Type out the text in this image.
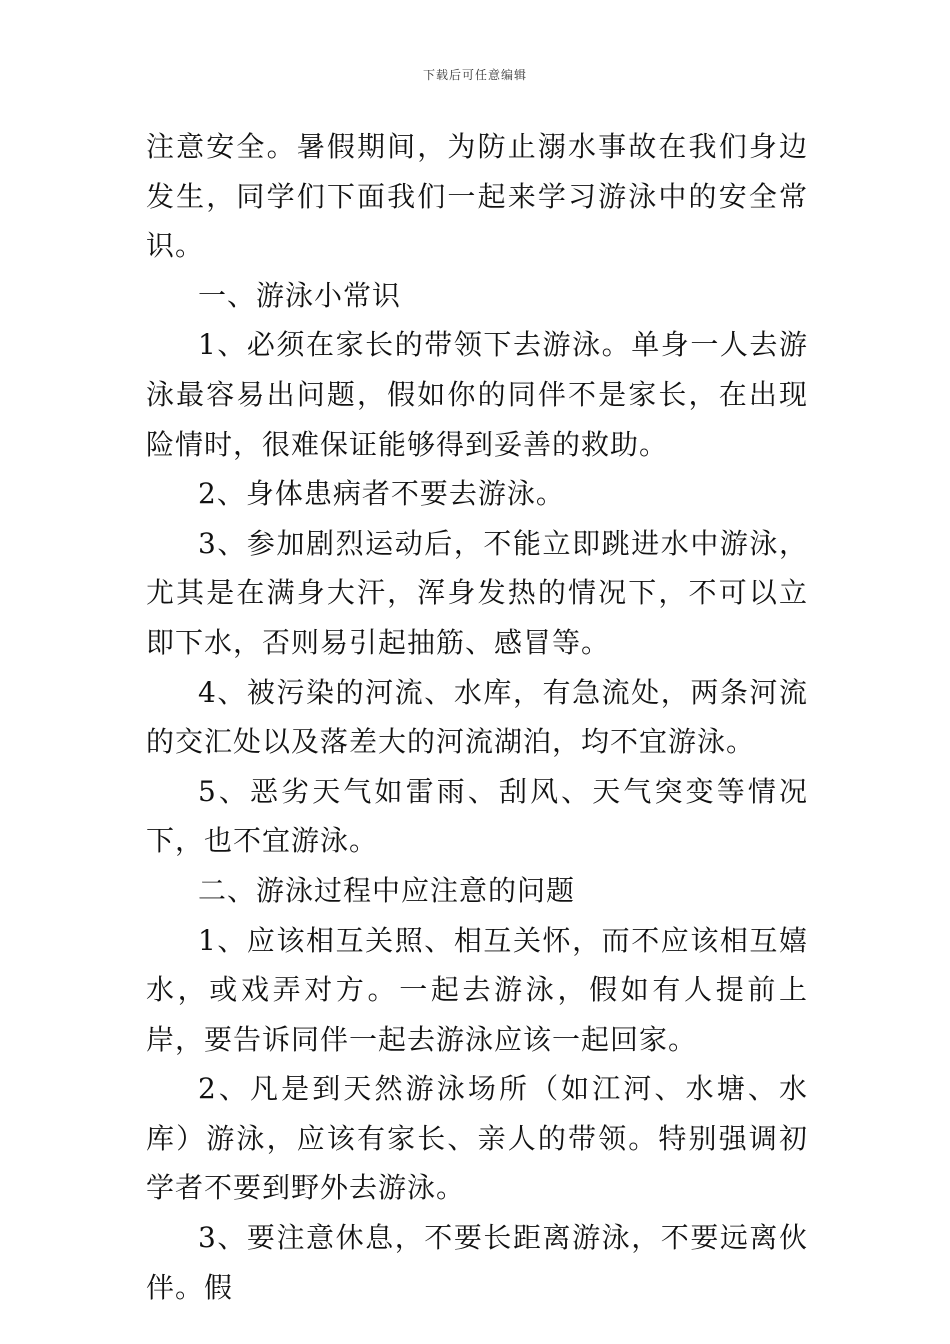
下载后可任意编辑

注意安全。暑假期间，为防止溺水事故在我们身边发生，同学们下面我们一起来学习游泳中的安全常识。

一、游泳小常识

1、必须在家长的带领下去游泳。单身一人去游泳最容易出问题，假如你的同伴不是家长，在出现险情时，很难保证能够得到妥善的救助。

2、身体患病者不要去游泳。

3、参加剧烈运动后，不能立即跳进水中游泳，尤其是在满身大汗，浑身发热的情况下，不可以立即下水，否则易引起抽筋、感冒等。

4、被污染的河流、水库，有急流处，两条河流的交汇处以及落差大的河流湖泊，均不宜游泳。

5、恶劣天气如雷雨、刮风、天气突变等情况下，也不宜游泳。

二、游泳过程中应注意的问题

1、应该相互关照、相互关怀，而不应该相互嬉水，或戏弄对方。一起去游泳，假如有人提前上岸，要告诉同伴一起去游泳应该一起回家。

2、凡是到天然游泳场所（如江河、水塘、水库）游泳，应该有家长、亲人的带领。特别强调初学者不要到野外去游泳。

3、要注意休息，不要长距离游泳，不要远离伙伴。假
